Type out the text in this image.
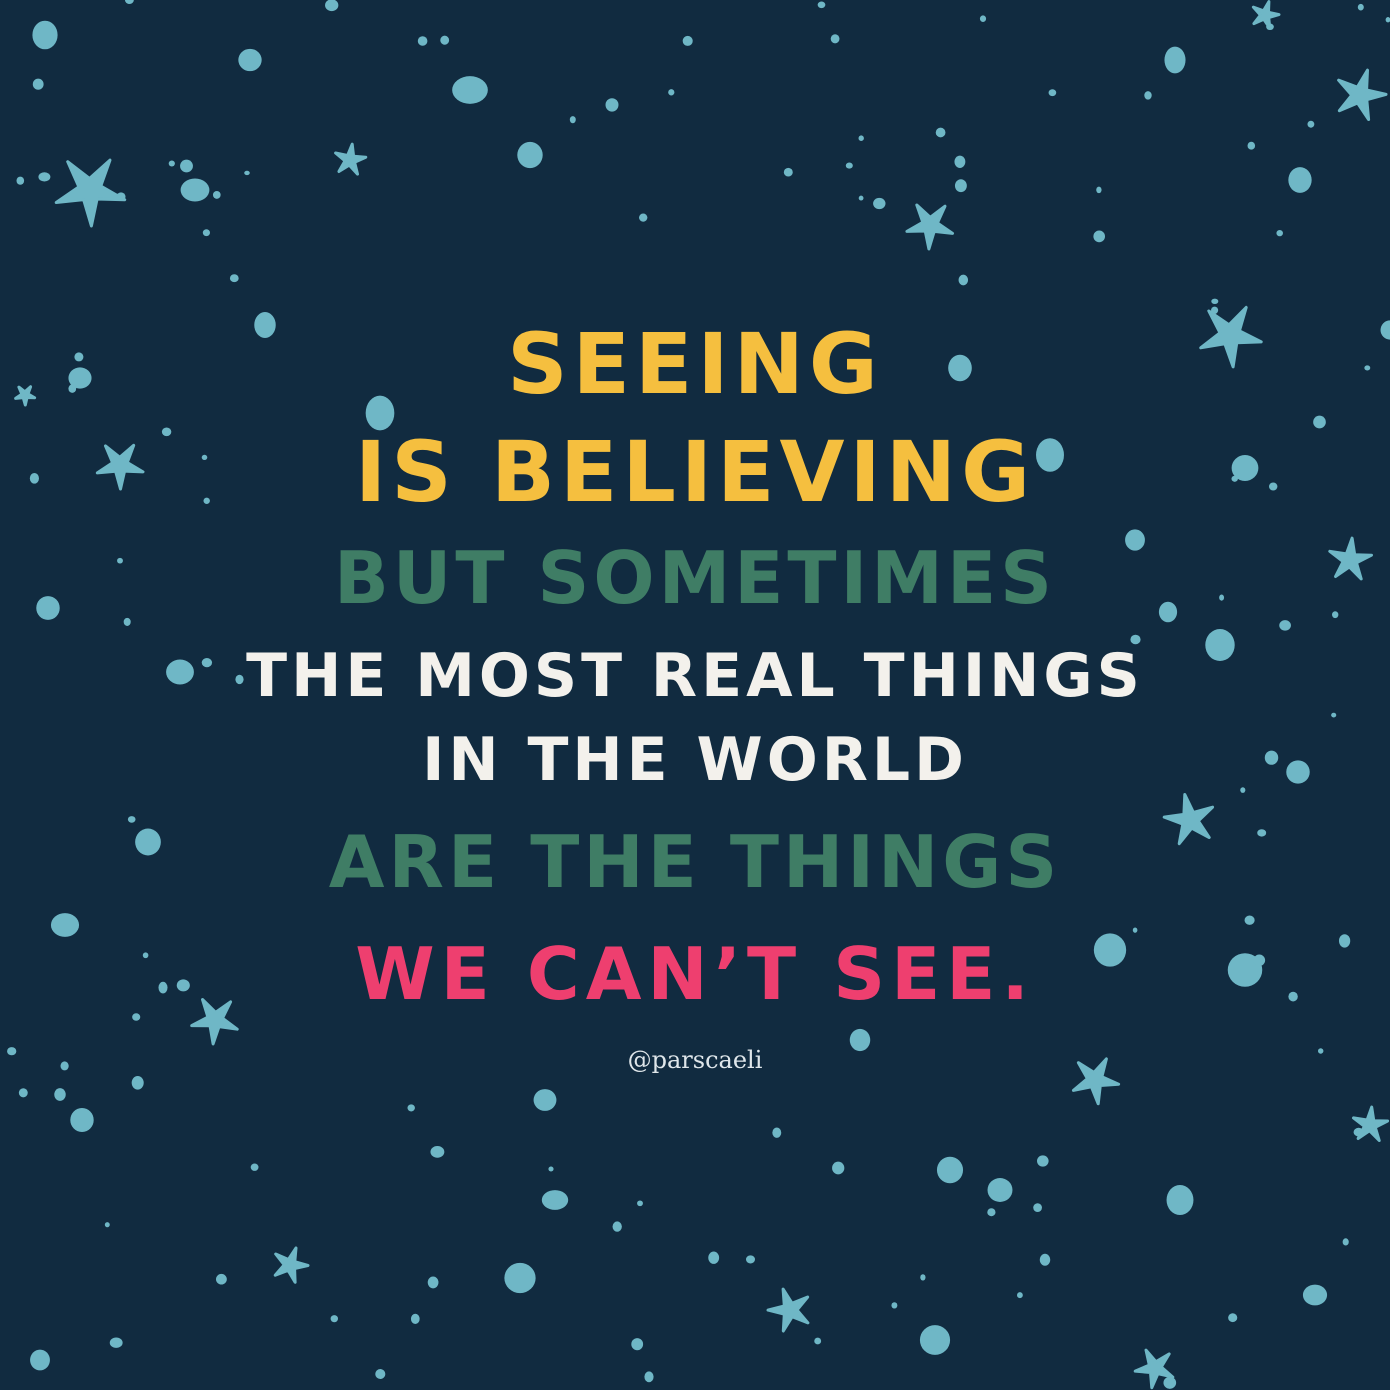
SEEING
IS BELIEVING
BUT SOMETIMES
THE MOST REAL THINGS
IN THE WORLD
ARE THE THINGS
WE CAN’T SEE.
@parscaeli
